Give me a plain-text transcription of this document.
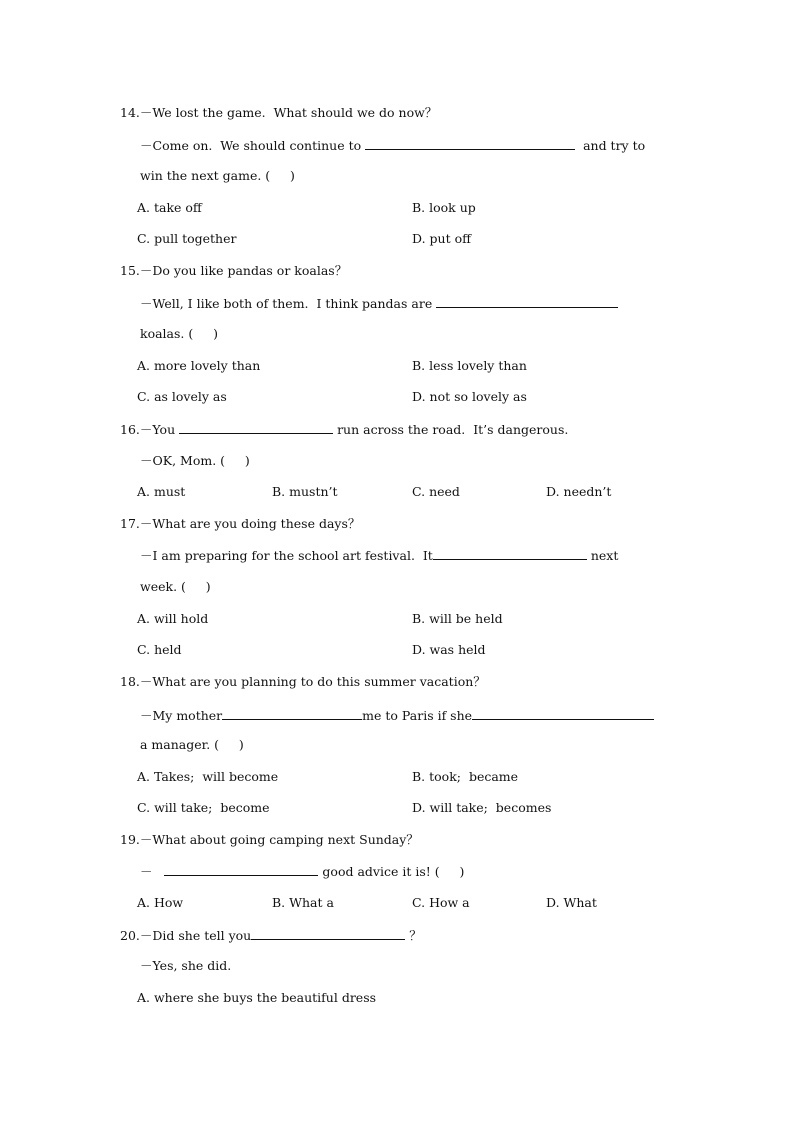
14.－We lost the game.  What should we do now？
－Come on.  We should continue to	and try to
win the next game. (     )
A. take off	B. look up
C. pull together	D. put off
15.－Do you like pandas or koalas？
－Well, I like both of them.  I think pandas are
koalas. (     )
A. more lovely than	B. less lovely than
C. as lovely as	D. not so lovely as
16.－You	run across the road.  It’s dangerous.
－OK, Mom. (     )
A. must	B. mustn’t	C. need	D. needn’t
17.－What are you doing these days？
－I am preparing for the school art festival.  It	next
week. (     )
A. will hold	B. will be held
C. held	D. was held
18.－What are you planning to do this summer vacation？
－My mother	me to Paris if she
a manager. (     )
A. Takes;  will become	B. took;  became
C. will take;  become	D. will take;  becomes
19.－What about going camping next Sunday？
－	good advice it is! (     )
A. How	B. What a	C. How a	D. What
20.－Did she tell you	？
－Yes, she did.
A. where she buys the beautiful dress
